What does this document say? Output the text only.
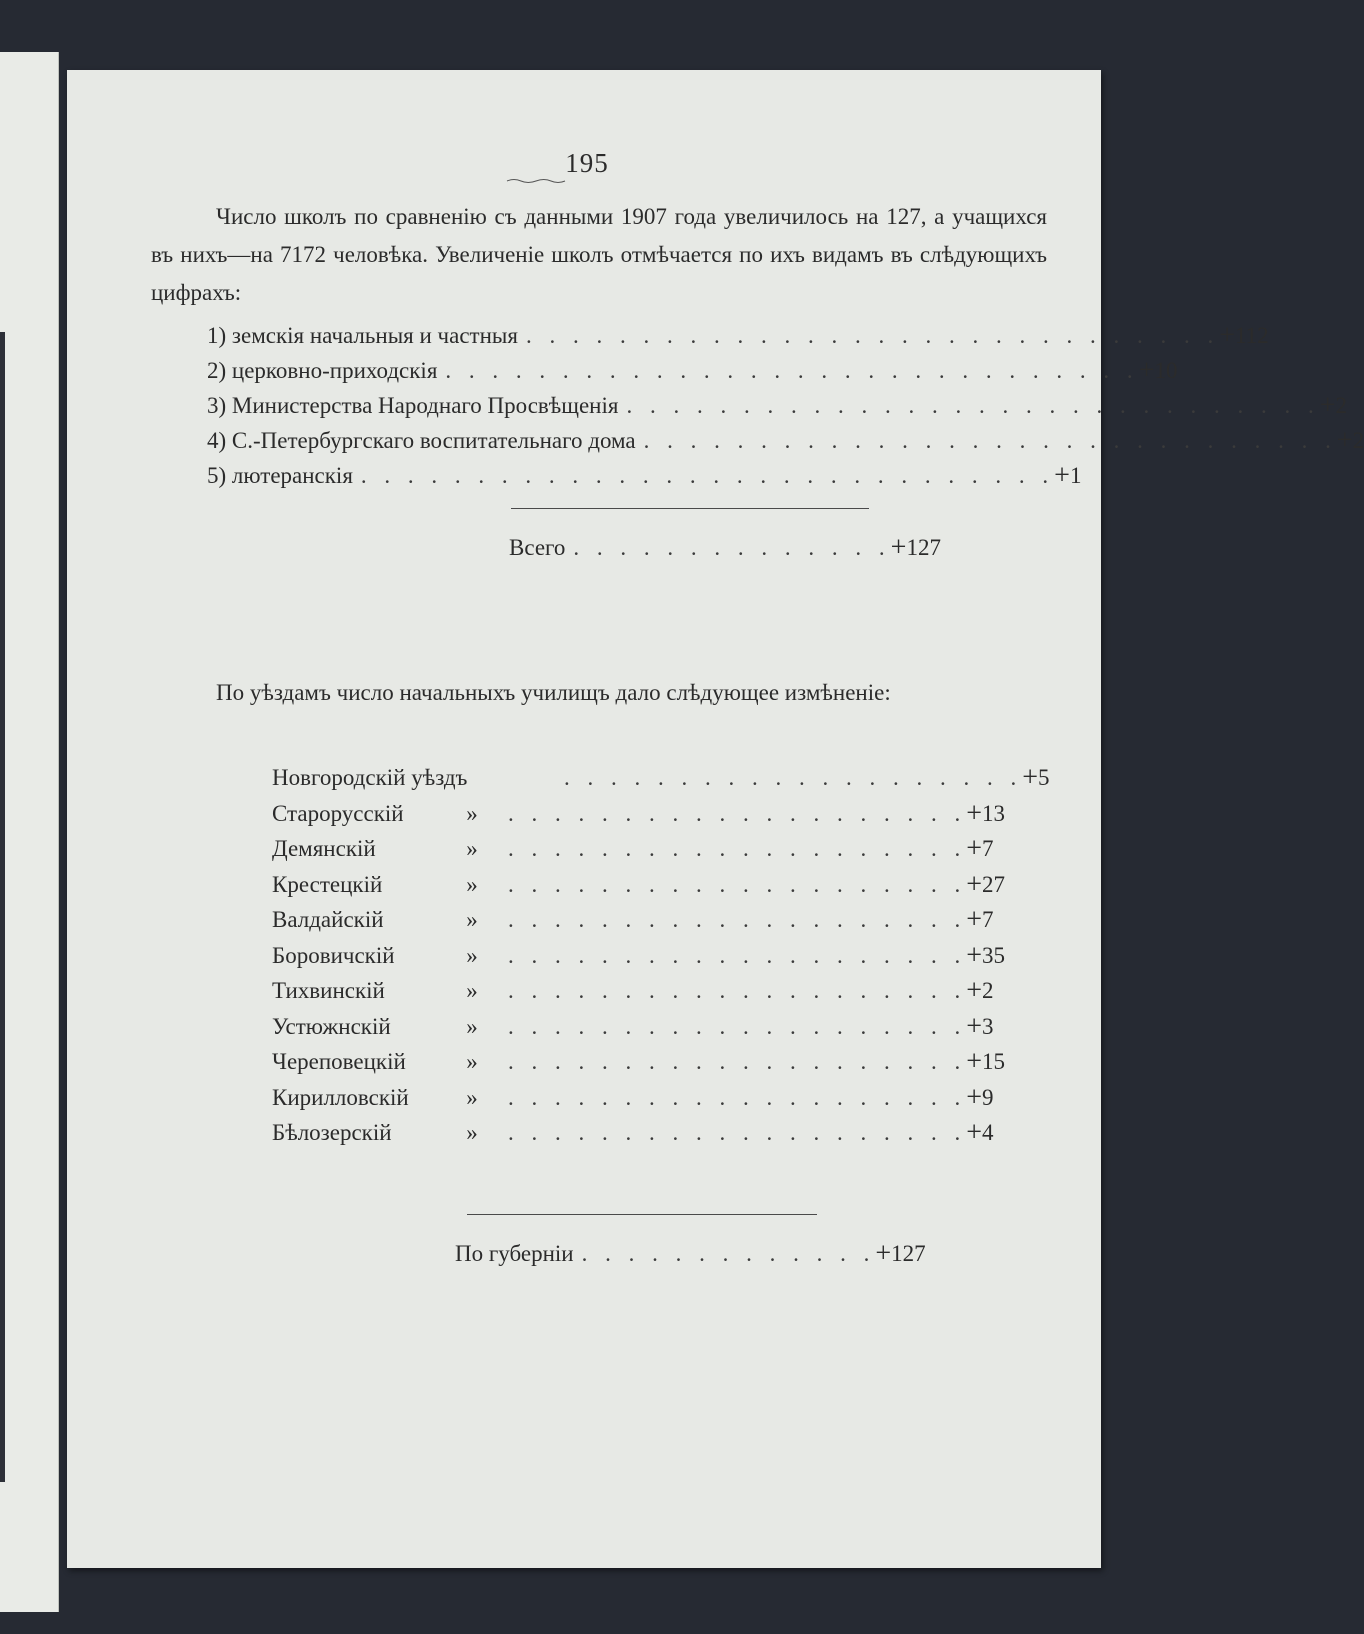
195
Число школъ по сравненію съ данными 1907 года увеличилось на 127, а учащихся въ нихъ—на 7172 человѣка. Увеличеніе школъ отмѣчается по ихъ видамъ въ слѣдующихъ цифрахъ:
1) земскія начальныя и частныя . . . . . . . . . . . . . . . . . . . . . . . . . . . . . . + 112
2) церковно-приходскія . . . . . . . . . . . . . . . . . . . . . . . . . . . . . . + 10
3) Министерства Народнаго Просвѣщенія . . . . . . . . . . . . . . . . . . . . . . . . . . . . . . + 2
4) С.-Петербургскаго воспитательнаго дома . . . . . . . . . . . . . . . . . . . . . . . . . . . . . . + 2
5) лютеранскія . . . . . . . . . . . . . . . . . . . . . . . . . . . . . . + 1
Всего . . . . . . . . . . . . . . + 127
По уѣздамъ число начальныхъ училищъ дало слѣдующее измѣненіе:
Новгородскій уѣздъ	. . . . . . . . . . . . . . . . . . . . + 5
Старорусскій	»	. . . . . . . . . . . . . . . . . . . . + 13
Демянскій	»	. . . . . . . . . . . . . . . . . . . . + 7
Крестецкій	»	. . . . . . . . . . . . . . . . . . . . + 27
Валдайскій	»	. . . . . . . . . . . . . . . . . . . . + 7
Боровичскій	»	. . . . . . . . . . . . . . . . . . . . + 35
Тихвинскій	»	. . . . . . . . . . . . . . . . . . . . + 2
Устюжнскій	»	. . . . . . . . . . . . . . . . . . . . + 3
Череповецкій	»	. . . . . . . . . . . . . . . . . . . . + 15
Кирилловскій	»	. . . . . . . . . . . . . . . . . . . . + 9
Бѣлозерскій	»	. . . . . . . . . . . . . . . . . . . . + 4
По губерніи . . . . . . . . . . . . . + 127
